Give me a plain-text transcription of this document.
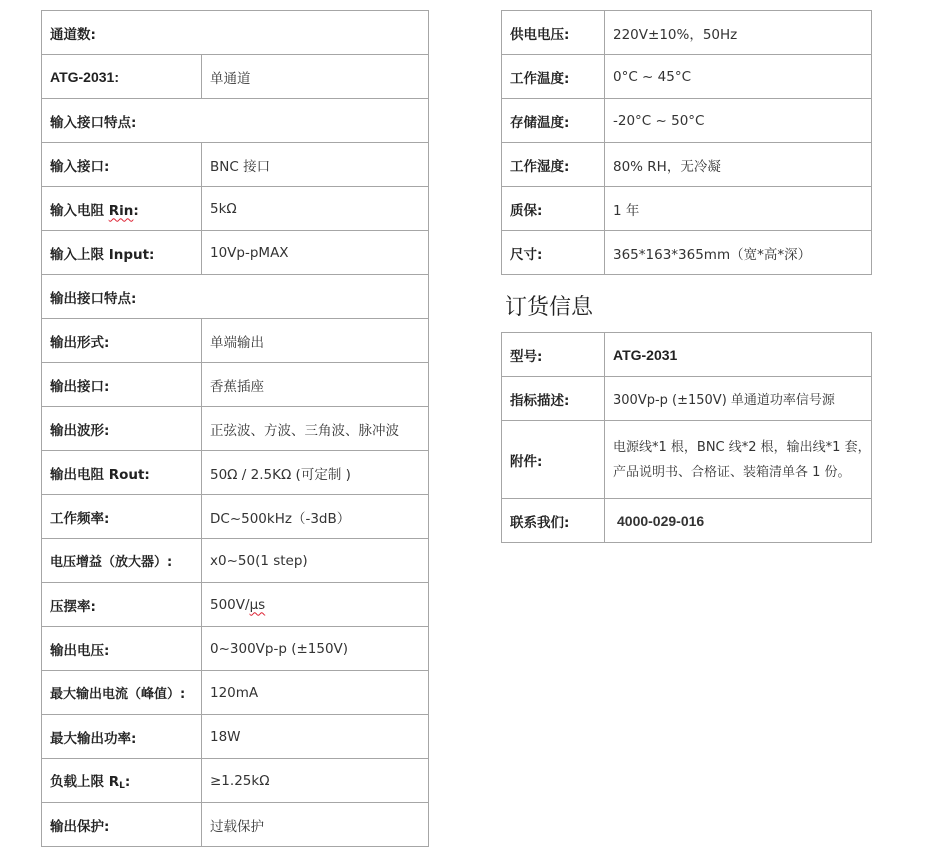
通道数:	
ATG-2031:	单通道
输入接口特点:	
输入接口:	BNC 接口
输入电阻 Rin:	5kΩ
输入上限 Input:	10Vp-pMAX
输出接口特点:	
输出形式:	单端输出
输出接口:	香蕉插座
输出波形:	正弦波、方波、三角波、脉冲波
输出电阻 Rout:	50Ω / 2.5KΩ (可定制 )
工作频率:	DC~500kHz（-3dB）
电压增益（放大器）:	x0~50(1 step)
压摆率:	500V/μs
输出电压:	0~300Vp-p (±150V)
最大输出电流（峰值）:	120mA
最大输出功率:	18W
负载上限 $R_L$:	≥1.25kΩ
输出保护:	过载保护
供电电压:	220V±10%，50Hz
工作温度:	0°C ~ 45°C
存储温度:	-20°C ~ 50°C
工作湿度:	80% RH，无冷凝
质保:	1 年
尺寸:	365*163*365mm（宽*高*深）
订货信息
型号:	ATG-2031
指标描述:	300Vp-p (±150V) 单通道功率信号源
附件:	电源线*1 根，BNC 线*2 根，输出线*1 套，产品说明书、合格证、装箱清单各 1 份。
联系我们:	4000-029-016
